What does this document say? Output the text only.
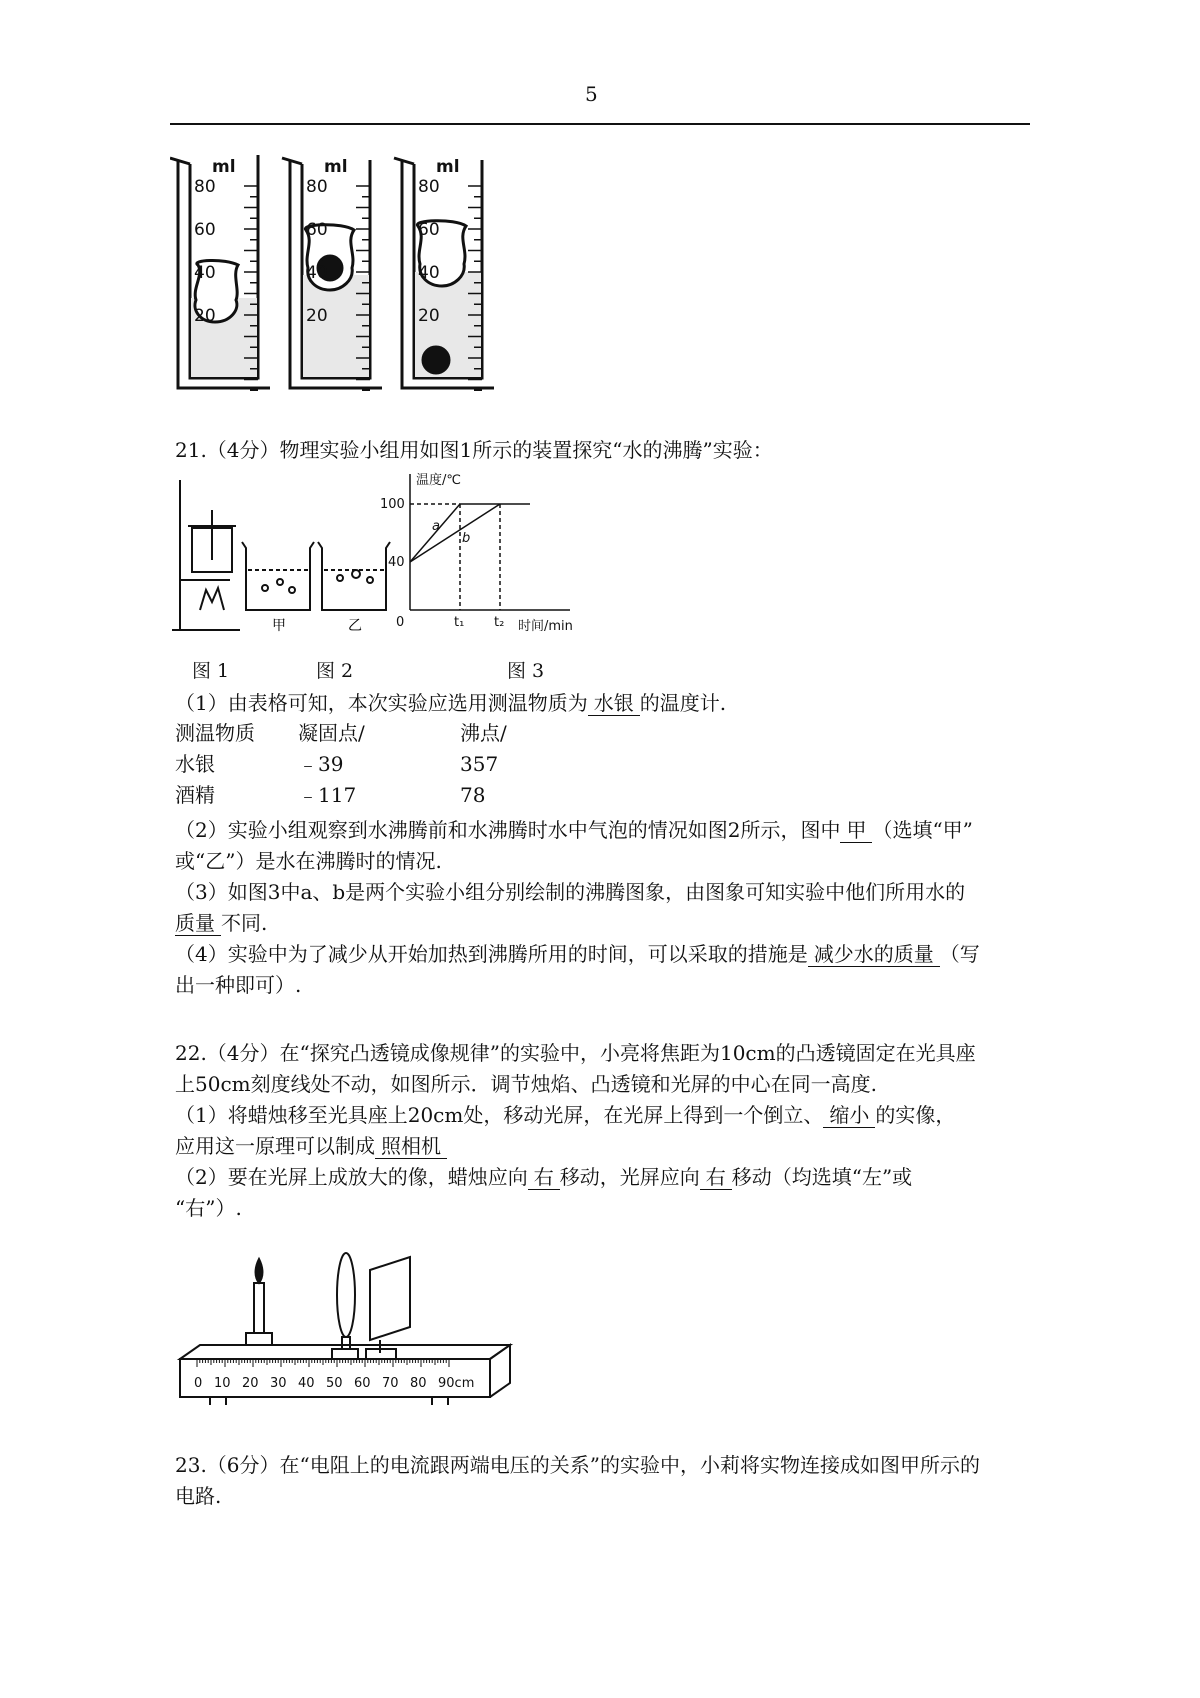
5
ml	ml	ml
80
60
40
20
80
60
40
20
80
60
40
20
21.（4分）物理实验小组用如图1所示的装置探究“水的沸腾”实验：
甲	乙
温度/℃
100
40
0	t₁ t₂ 时间/min
a
b
图 1	图 2	图 3
（1）由表格可知，本次实验应选用测温物质为 水银 的温度计.
测温物质 凝固点/	沸点/
水银	﹣39	357
酒精	﹣117	78
（2）实验小组观察到水沸腾前和水沸腾时水中气泡的情况如图2所示，图中 甲 （选填“甲”
或“乙”）是水在沸腾时的情况.
（3）如图3中a、b是两个实验小组分别绘制的沸腾图象，由图象可知实验中他们所用水的
质量 不同.
（4）实验中为了减少从开始加热到沸腾所用的时间，可以采取的措施是 减少水的质量 （写
出一种即可）.
22.（4分）在“探究凸透镜成像规律”的实验中，小亮将焦距为10cm的凸透镜固定在光具座
上50cm刻度线处不动，如图所示．调节烛焰、凸透镜和光屏的中心在同一高度.
（1）将蜡烛移至光具座上20cm处，移动光屏，在光屏上得到一个倒立、 缩小 的实像，
应用这一原理可以制成 照相机
（2）要在光屏上成放大的像，蜡烛应向 右 移动，光屏应向 右 移动（均选填“左”或
“右”）.
0 10 20 30 40 50 60 70 80 90cm
23.（6分）在“电阻上的电流跟两端电压的关系”的实验中，小莉将实物连接成如图甲所示的
电路.
